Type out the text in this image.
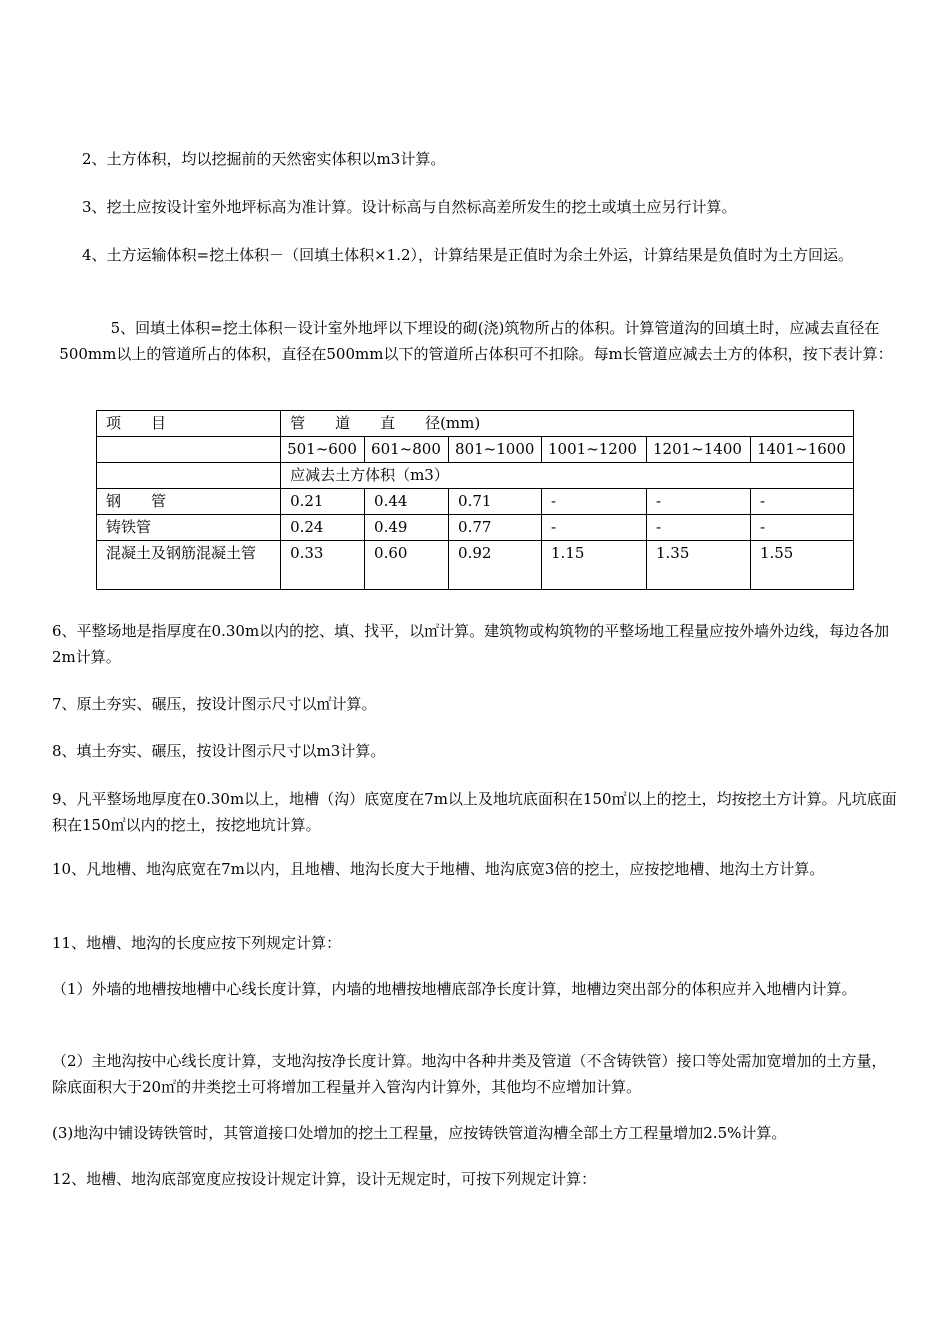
2、土方体积，均以挖掘前的天然密实体积以m3计算。

3、挖土应按设计室外地坪标高为准计算。设计标高与自然标高差所发生的挖土或填土应另行计算。

4、土方运输体积=挖土体积－（回填土体积×1.2），计算结果是正值时为余土外运，计算结果是负值时为土方回运。

5、回填土体积=挖土体积－设计室外地坪以下埋设的砌(浇)筑物所占的体积。计算管道沟的回填土时，应减去直径在500mm以上的管道所占的体积，直径在500mm以下的管道所占体积可不扣除。每m长管道应减去土方的体积，按下表计算：

项　　目	管　　道　　直　　径(mm)					
	501~600	601~800	801~1000	1001~1200	1201~1400	1401~1600
	应减去土方体积（m3）					
钢　　管	0.21	0.44	0.71	-	-	-
铸铁管	0.24	0.49	0.77	-	-	-
混凝土及钢筋混凝土管	0.33	0.60	0.92	1.15	1.35	1.55

6、平整场地是指厚度在0.30m以内的挖、填、找平，以㎡计算。建筑物或构筑物的平整场地工程量应按外墙外边线，每边各加2m计算。

7、原土夯实、碾压，按设计图示尺寸以㎡计算。

8、填土夯实、碾压，按设计图示尺寸以m3计算。

9、凡平整场地厚度在0.30m以上，地槽（沟）底宽度在7m以上及地坑底面积在150㎡以上的挖土，均按挖土方计算。凡坑底面积在150㎡以内的挖土，按挖地坑计算。

10、凡地槽、地沟底宽在7m以内，且地槽、地沟长度大于地槽、地沟底宽3倍的挖土，应按挖地槽、地沟土方计算。

11、地槽、地沟的长度应按下列规定计算：

（1）外墙的地槽按地槽中心线长度计算，内墙的地槽按地槽底部净长度计算，地槽边突出部分的体积应并入地槽内计算。

（2）主地沟按中心线长度计算，支地沟按净长度计算。地沟中各种井类及管道（不含铸铁管）接口等处需加宽增加的土方量，除底面积大于20㎡的井类挖土可将增加工程量并入管沟内计算外，其他均不应增加计算。

(3)地沟中铺设铸铁管时，其管道接口处增加的挖土工程量，应按铸铁管道沟槽全部土方工程量增加2.5%计算。

12、地槽、地沟底部宽度应按设计规定计算，设计无规定时，可按下列规定计算：
